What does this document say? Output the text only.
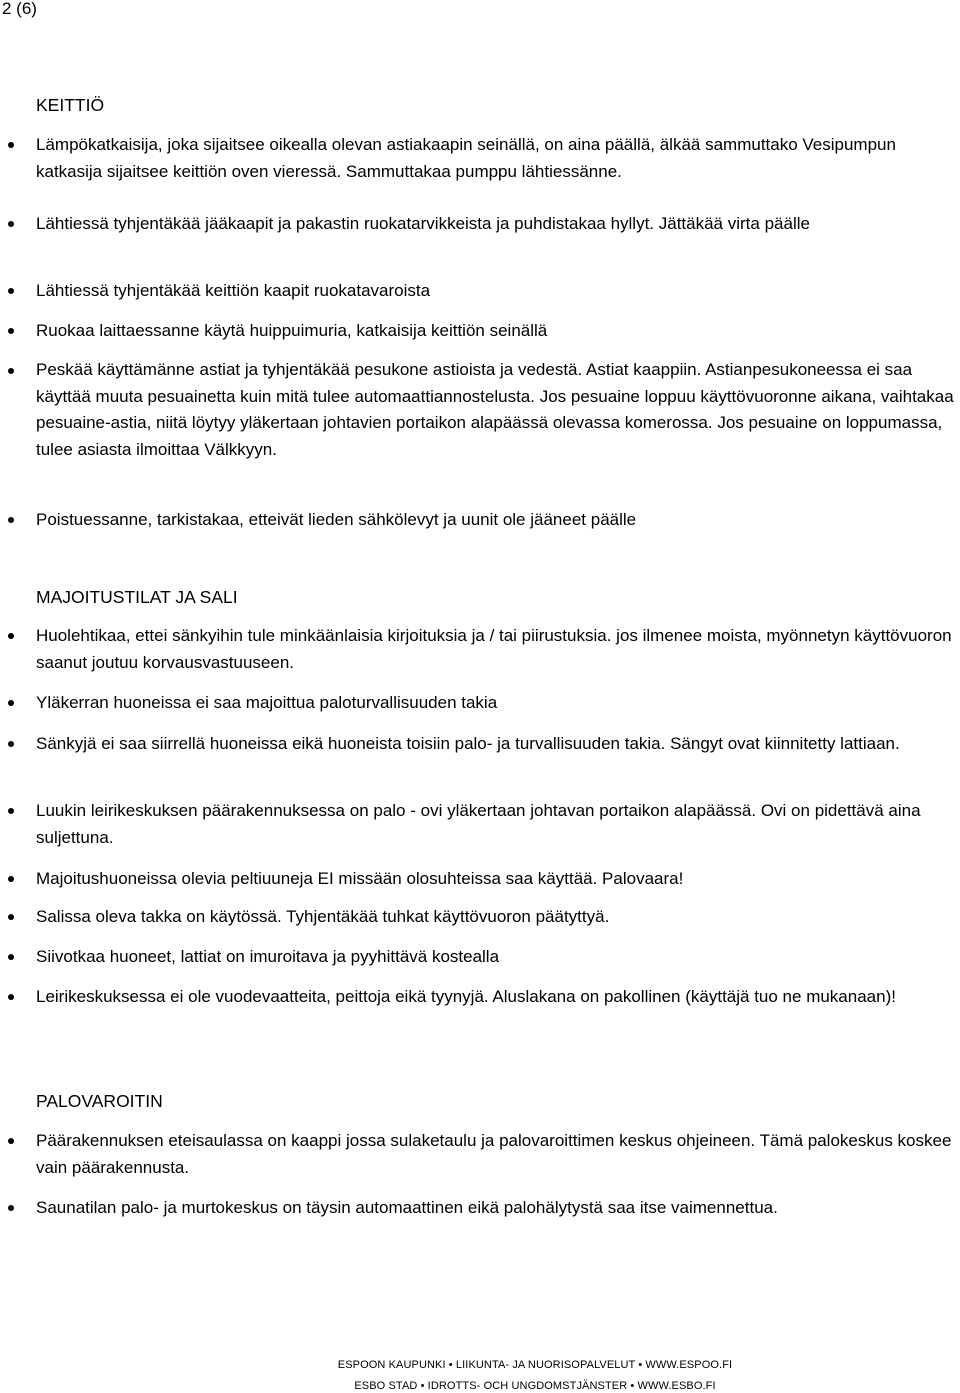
2 (6)
KEITTIÖ
Lämpökatkaisija, joka sijaitsee oikealla olevan astiakaapin seinällä, on aina päällä, älkää sammuttako Vesipumpun katkasija sijaitsee keittiön oven vieressä. Sammuttakaa pumppu lähtiessänne.
Lähtiessä tyhjentäkää jääkaapit ja pakastin ruokatarvikkeista ja puhdistakaa hyllyt. Jättäkää virta päälle
Lähtiessä tyhjentäkää keittiön kaapit ruokatavaroista
Ruokaa laittaessanne käytä huippuimuria, katkaisija keittiön seinällä
Peskää käyttämänne astiat ja tyhjentäkää pesukone astioista ja vedestä. Astiat kaappiin. Astianpesukoneessa ei saa käyttää muuta pesuainetta kuin mitä tulee automaattiannostelusta. Jos pesuaine loppuu käyttövuoronne aikana, vaihtakaa pesuaine-astia, niitä löytyy yläkertaan johtavien portaikon alapäässä olevassa komerossa. Jos pesuaine on loppumassa, tulee asiasta ilmoittaa Välkkyyn.
Poistuessanne, tarkistakaa, etteivät lieden sähkölevyt ja uunit ole jääneet päälle
MAJOITUSTILAT JA SALI
Huolehtikaa, ettei sänkyihin tule minkäänlaisia kirjoituksia ja / tai piirustuksia. jos ilmenee moista, myönnetyn käyttövuoron saanut joutuu korvausvastuuseen.
Yläkerran huoneissa ei saa majoittua paloturvallisuuden takia
Sänkyjä ei saa siirrellä huoneissa eikä huoneista toisiin palo- ja turvallisuuden takia. Sängyt ovat kiinnitetty lattiaan.
Luukin leirikeskuksen päärakennuksessa on palo - ovi yläkertaan johtavan portaikon alapäässä. Ovi on pidettävä aina suljettuna.
Majoitushuoneissa olevia peltiuuneja EI missään olosuhteissa saa käyttää. Palovaara!
Salissa oleva takka on käytössä. Tyhjentäkää tuhkat käyttövuoron päätyttyä.
Siivotkaa huoneet, lattiat on imuroitava ja pyyhittävä kostealla
Leirikeskuksessa ei ole vuodevaatteita, peittoja eikä tyynyjä. Aluslakana on pakollinen (käyttäjä tuo ne mukanaan)!
PALOVAROITIN
Päärakennuksen eteisaulassa on kaappi jossa sulaketaulu ja palovaroittimen keskus ohjeineen. Tämä palokeskus koskee vain päärakennusta.
Saunatilan palo- ja murtokeskus on täysin automaattinen eikä palohälytystä saa itse vaimennettua.
ESPOON KAUPUNKI • LIIKUNTA- JA NUORISOPALVELUT • WWW.ESPOO.FI
ESBO STAD • IDROTTS- OCH UNGDOMSTJÄNSTER • WWW.ESBO.FI
